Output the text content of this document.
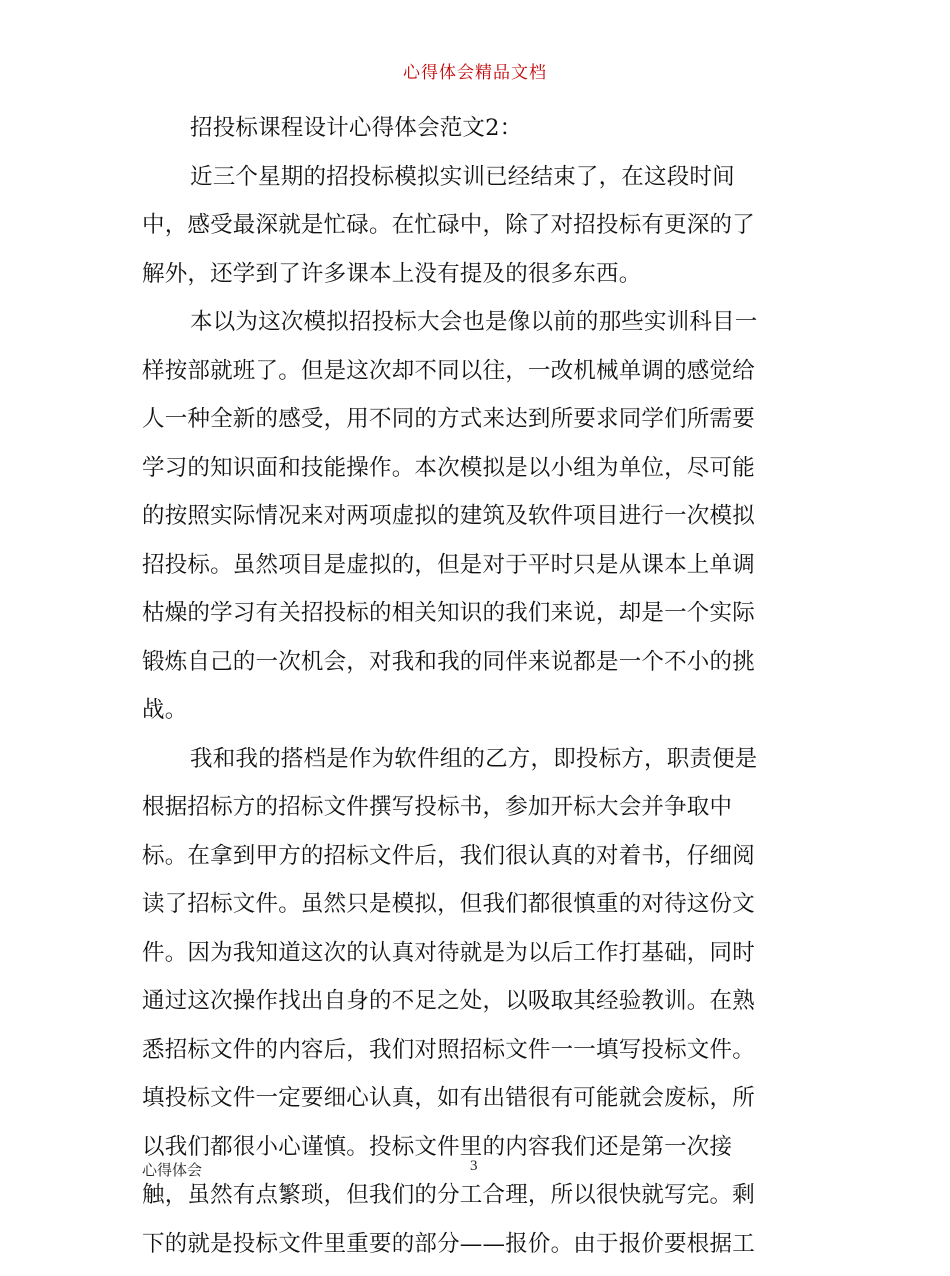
心得体会精品文档
招投标课程设计心得体会范文2：
近三个星期的招投标模拟实训已经结束了，在这段时间
中，感受最深就是忙碌。在忙碌中，除了对招投标有更深的了
解外，还学到了许多课本上没有提及的很多东西。
本以为这次模拟招投标大会也是像以前的那些实训科目一
样按部就班了。但是这次却不同以往，一改机械单调的感觉给
人一种全新的感受，用不同的方式来达到所要求同学们所需要
学习的知识面和技能操作。本次模拟是以小组为单位，尽可能
的按照实际情况来对两项虚拟的建筑及软件项目进行一次模拟
招投标。虽然项目是虚拟的，但是对于平时只是从课本上单调
枯燥的学习有关招投标的相关知识的我们来说，却是一个实际
锻炼自己的一次机会，对我和我的同伴来说都是一个不小的挑
战。
我和我的搭档是作为软件组的乙方，即投标方，职责便是
根据招标方的招标文件撰写投标书，参加开标大会并争取中
标。在拿到甲方的招标文件后，我们很认真的对着书，仔细阅
读了招标文件。虽然只是模拟，但我们都很慎重的对待这份文
件。因为我知道这次的认真对待就是为以后工作打基础，同时
通过这次操作找出自身的不足之处，以吸取其经验教训。在熟
悉招标文件的内容后，我们对照招标文件一一填写投标文件。
填投标文件一定要细心认真，如有出错很有可能就会废标，所
以我们都很小心谨慎。投标文件里的内容我们还是第一次接
触，虽然有点繁琐，但我们的分工合理，所以很快就写完。剩
下的就是投标文件里重要的部分——报价。由于报价要根据工
心得体会	3
